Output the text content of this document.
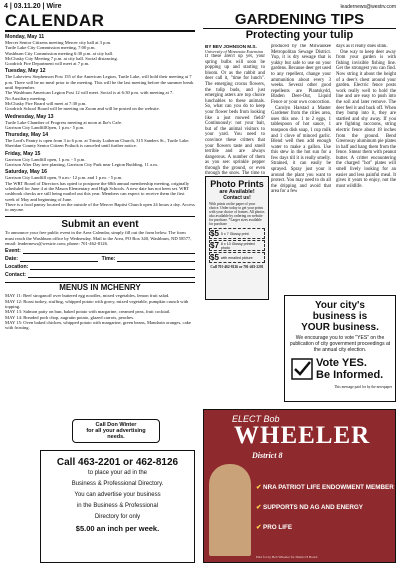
4 | 03.11.20 | Wire	leadernews@westrv.com
CALENDAR
Monday, May 11

Mercer Senior Citizens meeting Mercer city hall at 3 p.m.

Turtle Lake City Commission meeting, 7:00 p.m.

Washburn City Commission meeting 6:30 p.m. at city hall.

McClusky City Meeting 7 p.m. at city hall. Social distancing.

Goodrich Fire Department will meet at 7 p.m.

Tuesday, May 12

The Lakeview Stephenson Post 155 of the American Legion, Turtle Lake, will hold their meeting at 7 p.m. There will be no meal prior to the meeting. This will be the last meeting before the summer break until September.

The Washburn American Legion Post 12 will meet. Social is at 6:30 p.m. with meeting at 7.

No Auxiliary meeting.

McClusky Fire Board will meet at 7:30 p.m.

Goodrich School Board will be meeting on Zoom and will be posted on the website.

Wednesday, May 13

Turtle Lake Chamber of Progress meeting at noon at Ike's Cafe.

Garrison City LandfillOpen, 1 p.m.- 5 p.m.

Thursday, May 14

The Lord's Pantry is open from 3 to 6 p.m. at Trinity Lutheran Church, 315 Sanders St., Turtle Lake.

Sheridan County Senior Citizen Potluck is canceled until further notice.

Friday, May 15

Garrison City Landfill open, 1 p.m. - 5 p.m.

Garrison After Day tree planting, Garrison City Park near Legion Building, 11 a.m.

Saturday, May 16

Garrison City Landfill open, 9 a.m.- 12 p.m. and 1 p.m. - 5 p.m.

The WRT Board of Directors has opted to postpone the 68th annual membership meeting, originally scheduled for June 4 at the Mason Elementary and High Schools. A new date has not been set. WRT cashbook checks are still being mailed out this year. Members can expect to receive them the first week of May and beginning of June.

There is a food pantry located on the outside of the Mercer Baptist Church open 24 hours a day. Access to anyone.

Submit an event

To announce your free public event in the Area Calendar, simply fill out the form below. The form must reach the Washburn office by Wednesday. Mail to the Area, PO Box 340, Washburn, ND 58577, email: leadernews@westriv.com; phone: 701-462-8126.

Event:
Date:	Time:
Location:
Contact:
MENUS IN MCHENRY

MAY 11: Beef stroganoff over buttered egg noodles, mixed vegetables, lemon fruit salad.

MAY 12: Roast turkey, stuffing, whipped potato with gravy, mixed vegetable, pumpkin crunch with topping.

MAY 13: Salmon patty on bun, baked potato with margarine, creamed peas, fruit cocktail.

MAY 14: Breaded pork chop, augratin potato, glazed carrots, peaches.

MAY 15: Oven baked chicken, whipped potato with margarine, green beans, Mandarin oranges, cake with frosting.

Call Don Winter
for all your advertising
needs.
Call 463-2201 or 462-8126

to place your ad in the

Business & Professional Directory.

You can advertise your business

in the Business & Professional

Directory for only

$5.00 an inch per week.
GARDENING TIPS
Protecting your tulip
BY BEV JOHNSON M.S.
University of Minnesota Extension

If these aren't up yet, your spring bulbs will soon be popping up and starting to bloom. Or as the rabbit and deer call it, "time for lunch". The emerging crocus flowers, the tulip buds, and just emerging asters are top choice lunchables to these animals. So, what can you do to keep your flower beds from looking like a just mowed field? Continuously: not your bait, but of the animal visitors to your yard. You need to convince these critters that your flowers taste and smell terrible and are always dangerous. A number of them as you see: sprinkle pepper through the ground, or even through the snow. The time to

produced by the Milwaukee Metropolitan Sewage District. Yup, it is dry sewage that is yukky but safe to use on your gardens. Because deer get used to any repellent, change your ammunition about every 3 weeks. Several other good repellents are Plantskydd, Bladen Deer-Out, Liquid Fence or your own concoction.

Carolyn Harstad a Master Gardener from the cities area, uses this one. 1 to 2 eggs, 1 tablespoon of hot sauce, 1 teaspoon dish soap, 1 cup milk and 1 clove of minced garlic. Blend well then add enough water to make a gallon. Use this stew in the hot sun for a few days till it is really smelly. Strained, it can easily be sprayed. Spray just your it around the plant you want to protect. You may need to do all the dripping and avoid that area for a few

days as it really does stink.

One way to keep deer away from your garden is with fishing invisible fishing line. Get the strongest you can find. Now string it about the height of a deer's chest around your garden. Electric fence posts work really well to hold the line and are easy to push into the soil and later remove. The deer feel it and back off. When they bump into it, they are startled and shy away. If you are fighting raccoons, string electric fence about 18 inches from the ground. Bend Greenway aluminum pie plates in half and hang them from the fence. Smear them with peanut butter. A critter encountering the charged "hot" plates will smell lively looking for an easier and less painful meal. It gives it years to enjoy, not the most wildlife.

Photo Prints
are Available!
Contact us!
With prints on the paper of your choice. Order today to get your prints with your choice of frames. All photos also available by ordering on website for purchase. *Larger sizes available for purchase
$5 5 x 7 Glossy print
$7 8 x 10 Glossy printed photo
$5 with emailed picture
Call 701-462-8126 or 701-463-2201
Your city's
business is
YOUR business.
We encourage you to vote "YES" on the publication of city government proceedings at the annual city election.
Vote YES.
Be Informed.
This message paid for by the newspaper
ELECT Bob
WHEELER
District 8
✔ NRA PATRIOT LIFE ENDOWMENT MEMBER
✔ SUPPORTS ND AG AND ENERGY
✔ PRO LIFE
Paid for by Bob Wheeler for District 8 Board
